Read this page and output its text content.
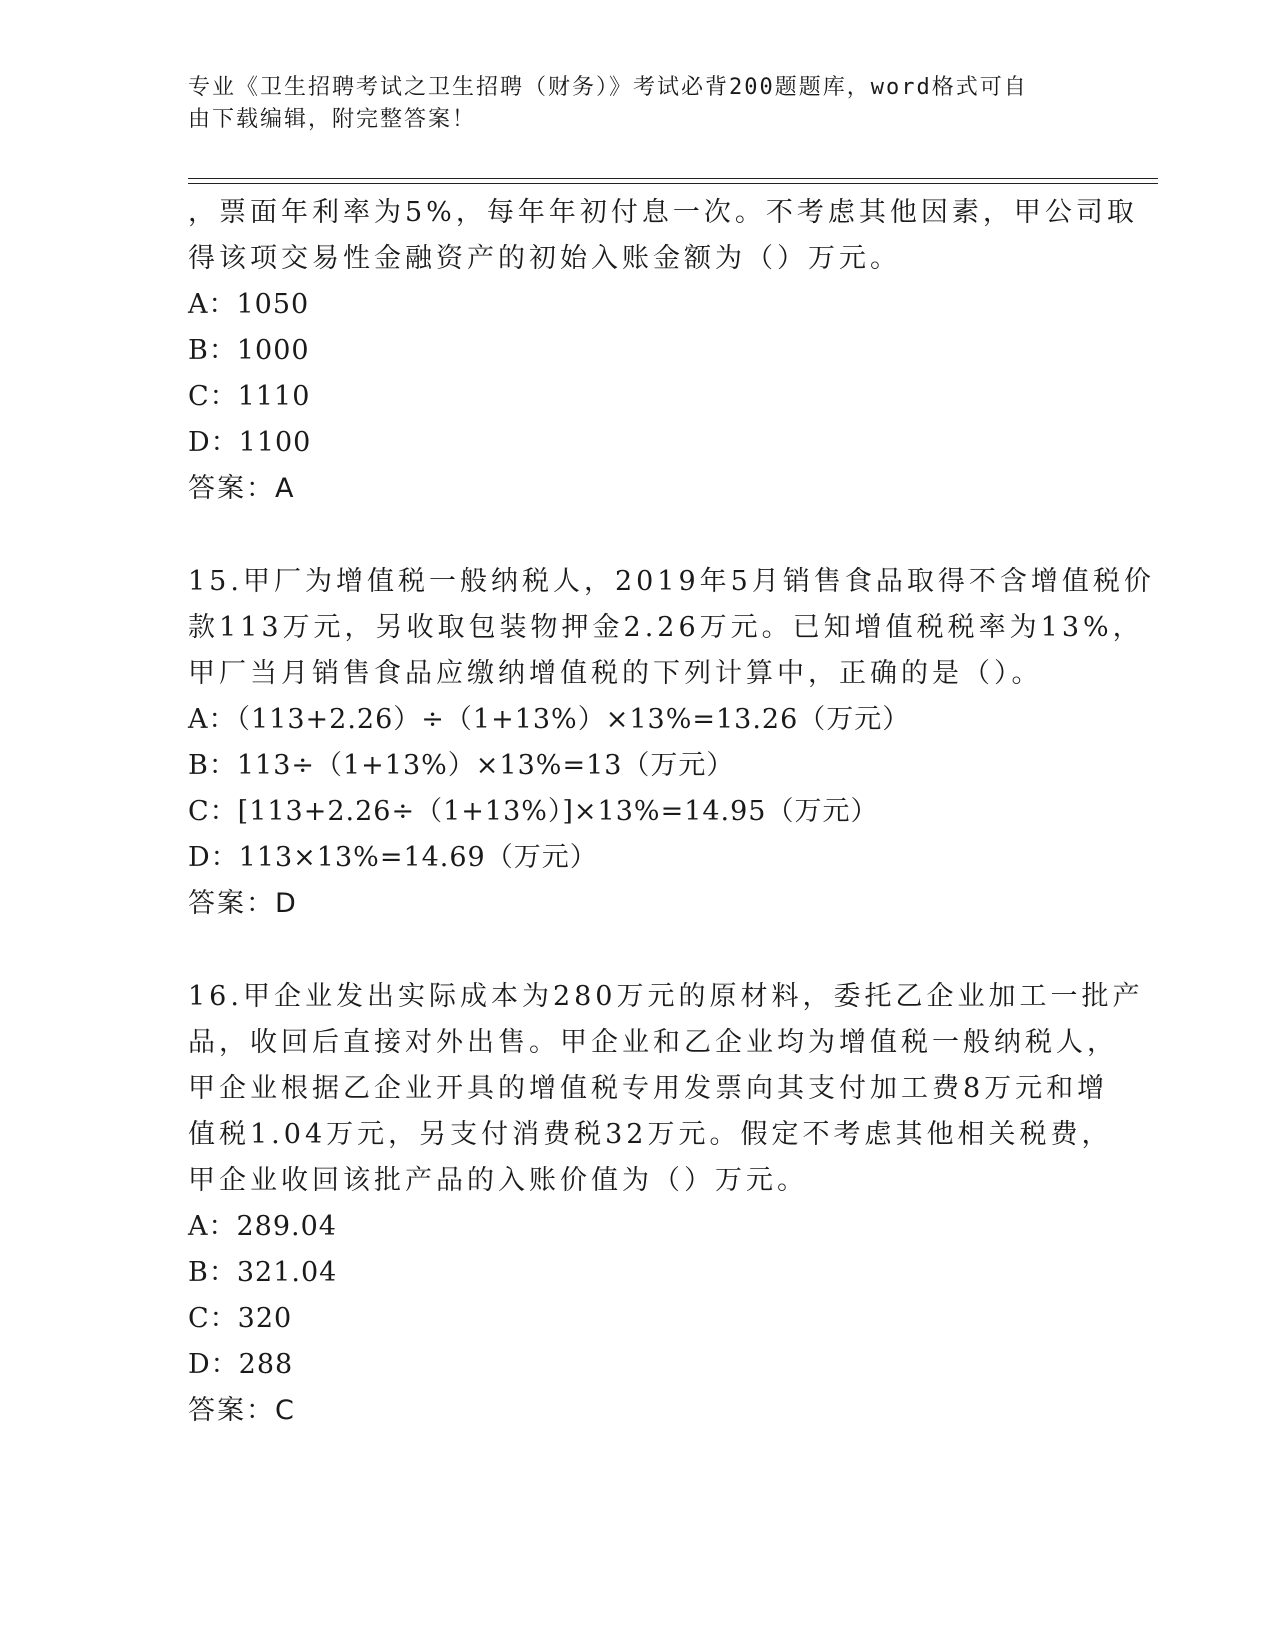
专业《卫生招聘考试之卫生招聘（财务）》考试必背200题题库，word格式可自
由下载编辑，附完整答案！
，票面年利率为5%，每年年初付息一次。不考虑其他因素，甲公司取
得该项交易性金融资产的初始入账金额为（）万元。
A：1050
B：1000
C：1110
D：1100
答案：A
15.甲厂为增值税一般纳税人，2019年5月销售食品取得不含增值税价
款113万元，另收取包装物押金2.26万元。已知增值税税率为13%，
甲厂当月销售食品应缴纳增值税的下列计算中，正确的是（）。
A：（113+2.26）÷（1+13%）×13%=13.26（万元）
B：113÷（1+13%）×13%=13（万元）
C：[113+2.26÷（1+13%）]×13%=14.95（万元）
D：113×13%=14.69（万元）
答案：D
16.甲企业发出实际成本为280万元的原材料，委托乙企业加工一批产
品，收回后直接对外出售。甲企业和乙企业均为增值税一般纳税人，
甲企业根据乙企业开具的增值税专用发票向其支付加工费8万元和增
值税1.04万元，另支付消费税32万元。假定不考虑其他相关税费，
甲企业收回该批产品的入账价值为（）万元。
A：289.04
B：321.04
C：320
D：288
答案：C
